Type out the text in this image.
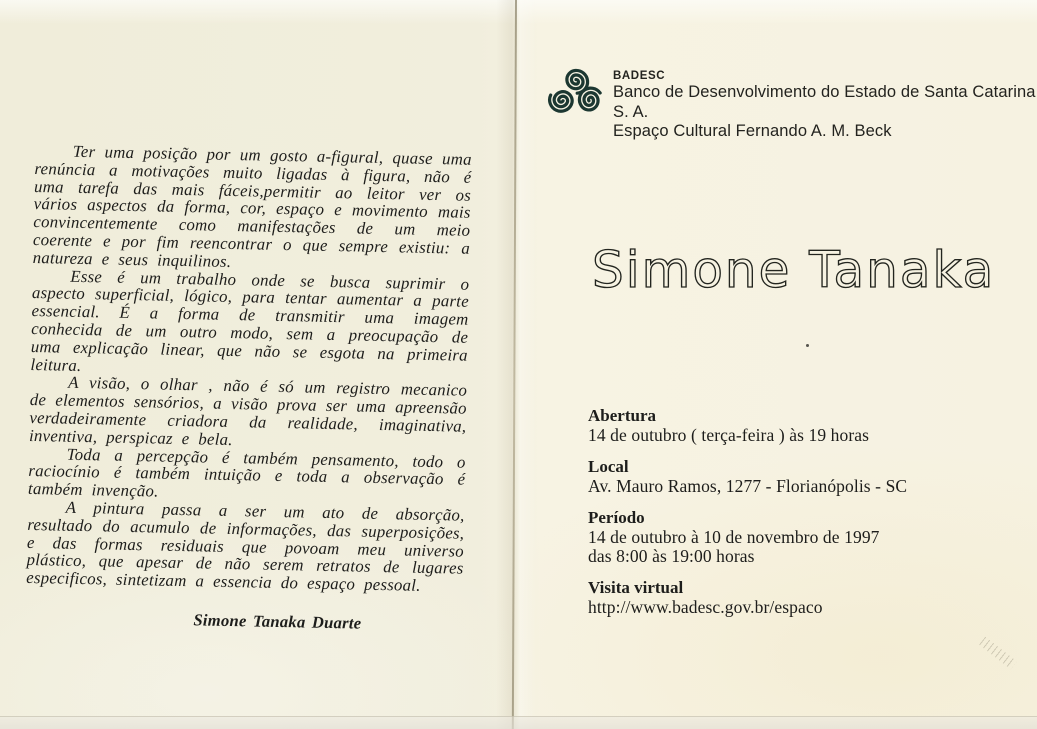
Ter uma posição por um gosto a-figural, quase uma renúncia a motivações muito ligadas à figura, não é uma tarefa das mais fáceis,permitir ao leitor ver os vários aspectos da forma, cor, espaço e movimento mais convincentemente como manifestações de um meio coerente e por fim reencontrar o que sempre existiu: a natureza e seus inquilinos.

Esse é um trabalho onde se busca suprimir o aspecto superficial, lógico, para tentar aumentar a parte essencial. É a forma de transmitir uma imagem conhecida de um outro modo, sem a preocupação de uma explicação linear, que não se esgota na primeira leitura.

A visão, o olhar , não é só um registro mecanico de elementos sensórios, a visão prova ser uma apreensão verdadeiramente criadora da realidade, imaginativa, inventiva, perspicaz e bela.

Toda a percepção é também pensamento, todo o raciocínio é também intuição e toda a observação é também invenção.

A pintura passa a ser um ato de absorção, resultado do acumulo de informações, das superposições, e das formas residuais que povoam meu universo plástico, que apesar de não serem retratos de lugares especificos, sintetizam a essencia do espaço pessoal.

Simone Tanaka Duarte

BADESC
Banco de Desenvolvimento do Estado de Santa Catarina S. A.
Espaço Cultural Fernando A. M. Beck
Simone Tanaka
Abertura
14 de outubro ( terça-feira ) às 19 horas
Local
Av. Mauro Ramos, 1277 - Florianópolis - SC
Período
14 de outubro à 10 de novembro de 1997
das 8:00 às 19:00 horas
Visita virtual
http://www.badesc.gov.br/espaco
